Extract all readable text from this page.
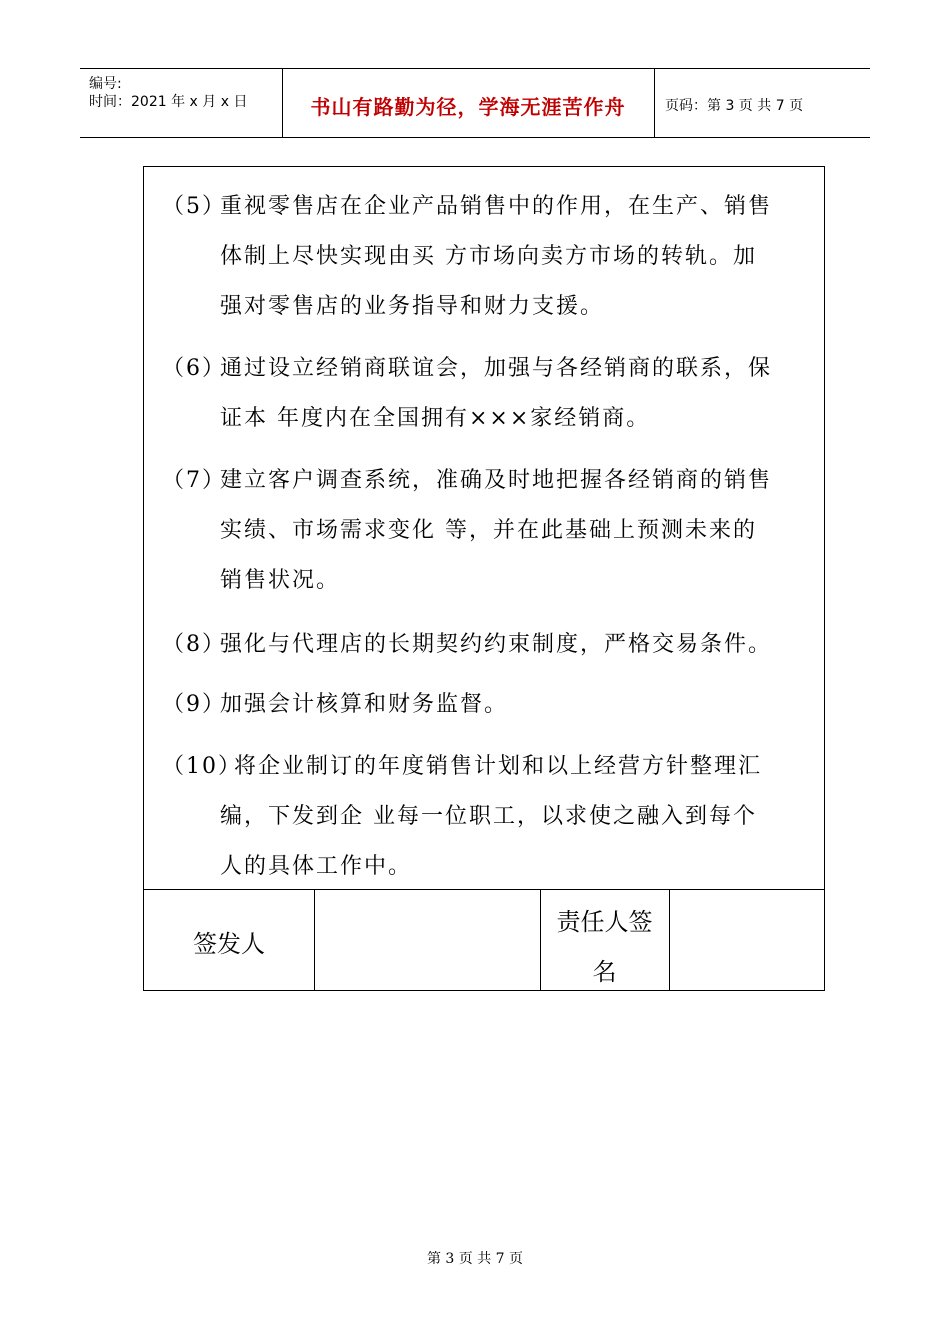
编号:
时间：2021 年 x 月 x 日	书山有路勤为径，学海无涯苦作舟	页码：第 3 页 共 7 页
（5）
重视零售店在企业产品销售中的作用，在生产、销售
体制上尽快实现由买 方市场向卖方市场的转轨。加
强对零售店的业务指导和财力支援。
（6）
通过设立经销商联谊会，加强与各经销商的联系，保
证本 年度内在全国拥有×××家经销商。
（7）
建立客户调查系统，准确及时地把握各经销商的销售
实绩、市场需求变化 等，并在此基础上预测未来的
销售状况。
（8）
强化与代理店的长期契约约束制度，严格交易条件。
（9）
加强会计核算和财务监督。
（10）
将企业制订的年度销售计划和以上经营方针整理汇
编，下发到企 业每一位职工，以求使之融入到每个
人的具体工作中。
签发人
责任人签
名
第 3 页 共 7 页
